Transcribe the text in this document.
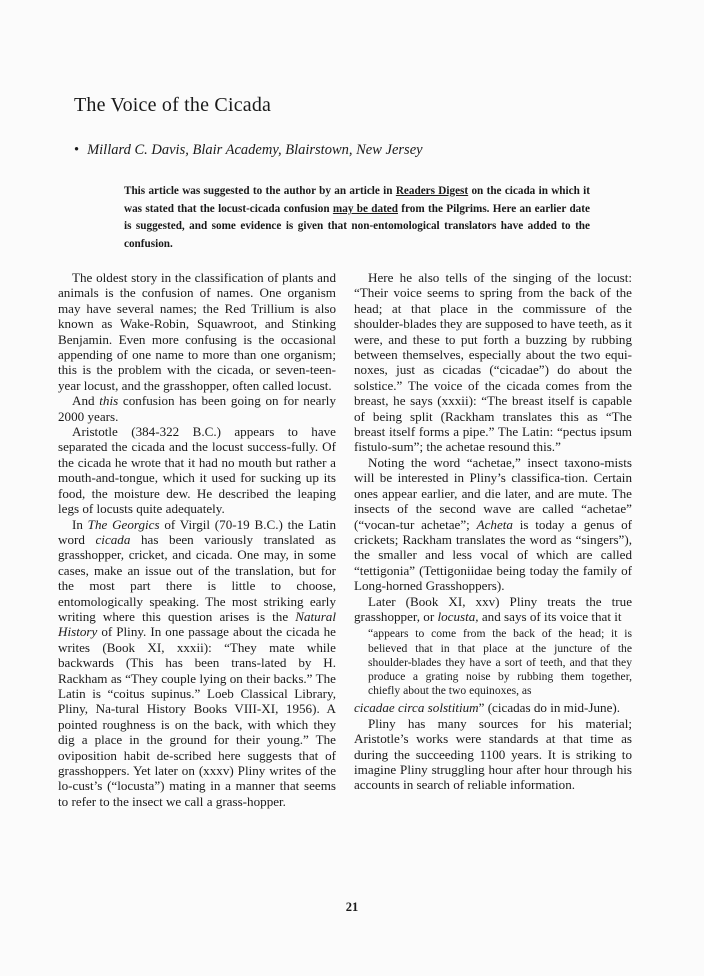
The Voice of the Cicada
• Millard C. Davis, Blair Academy, Blairstown, New Jersey
This article was suggested to the author by an article in Readers Digest on the cicada in which it was stated that the locust-cicada confusion may be dated from the Pilgrims. Here an earlier date is suggested, and some evidence is given that non-entomological translators have added to the confusion.

The oldest story in the classification of plants and animals is the confusion of names. One organism may have several names; the Red Trillium is also known as Wake-Robin, Squawroot, and Stinking Benjamin. Even more confusing is the occasional appending of one name to more than one organism; this is the problem with the cicada, or seven-teen-year locust, and the grasshopper, often called locust.

And this confusion has been going on for nearly 2000 years.

Aristotle (384-322 B.C.) appears to have separated the cicada and the locust success-fully. Of the cicada he wrote that it had no mouth but rather a mouth-and-tongue, which it used for sucking up its food, the moisture dew. He described the leaping legs of locusts quite adequately.

In The Georgics of Virgil (70-19 B.C.) the Latin word cicada has been variously translated as grasshopper, cricket, and cicada. One may, in some cases, make an issue out of the translation, but for the most part there is little to choose, entomologically speaking. The most striking early writing where this question arises is the Natural History of Pliny. In one passage about the cicada he writes (Book XI, xxxii): “They mate while backwards (This has been trans-lated by H. Rackham as “They couple lying on their backs.” The Latin is “coitus supinus.” Loeb Classical Library, Pliny, Na-tural History Books VIII-XI, 1956). A pointed roughness is on the back, with which they dig a place in the ground for their young.” The oviposition habit de-scribed here suggests that of grasshoppers. Yet later on (xxxv) Pliny writes of the lo-cust’s (“locusta”) mating in a manner that seems to refer to the insect we call a grass-hopper.

Here he also tells of the singing of the locust: “Their voice seems to spring from the back of the head; at that place in the commissure of the shoulder-blades they are supposed to have teeth, as it were, and these to put forth a buzzing by rubbing between themselves, especially about the two equi-noxes, just as cicadas (“cicadae”) do about the solstice.” The voice of the cicada comes from the breast, he says (xxxii): “The breast itself is capable of being split (Rackham translates this as “The breast itself forms a pipe.” The Latin: “pectus ipsum fistulo-sum”; the achetae resound this.”

Noting the word “achetae,” insect taxono-mists will be interested in Pliny’s classifica-tion. Certain ones appear earlier, and die later, and are mute. The insects of the second wave are called “achetae” (“vocan-tur achetae”; Acheta is today a genus of crickets; Rackham translates the word as “singers”), the smaller and less vocal of which are called “tettigonia” (Tettigoniidae being today the family of Long-horned Grasshoppers).

Later (Book XI, xxv) Pliny treats the true grasshopper, or locusta, and says of its voice that it

“appears to come from the back of the head; it is believed that in that place at the juncture of the shoulder-blades they have a sort of teeth, and that they produce a grating noise by rubbing them together, chiefly about the two equinoxes, as

cicadae circa solstitium” (cicadas do in mid-June).

Pliny has many sources for his material; Aristotle’s works were standards at that time as during the succeeding 1100 years. It is striking to imagine Pliny struggling hour after hour through his accounts in search of reliable information.

21
